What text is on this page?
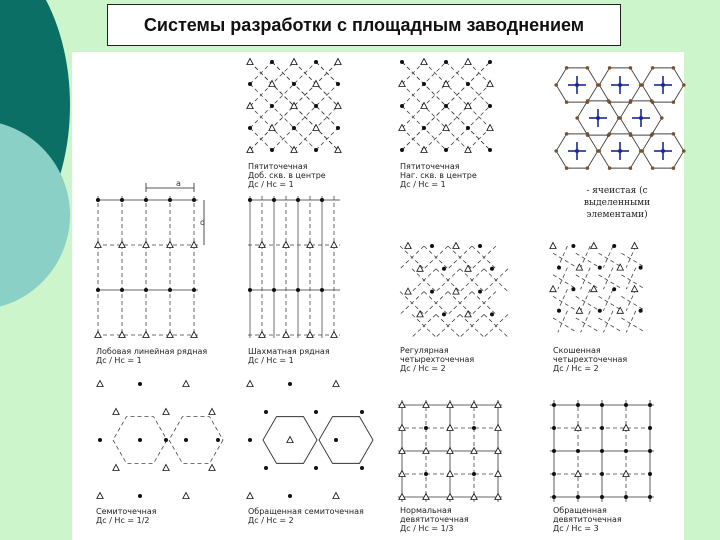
Системы разработки с площадным заводнением
Пятиточечная
Доб. скв. в центре
Дс / Нс = 1
Пятиточечная
Наг. скв. в центре
Дс / Нс = 1
Лобовая линейная рядная
Дс / Нс = 1
Шахматная рядная
Дс / Нс = 1
Регулярная
четырехточечная
Дс / Нс = 2
Скошенная
четырехточечная
Дс / Нс = 2
Семиточечная
Дс / Нс = 1/2
Обращенная семиточечная
Дс / Нс = 2
Нормальная
девятиточечная
Дс / Нс = 1/3
Обращенная
девятиточечная
Дс / Нс = 3
- ячеистая (с выделенными
элементами)
a
d
